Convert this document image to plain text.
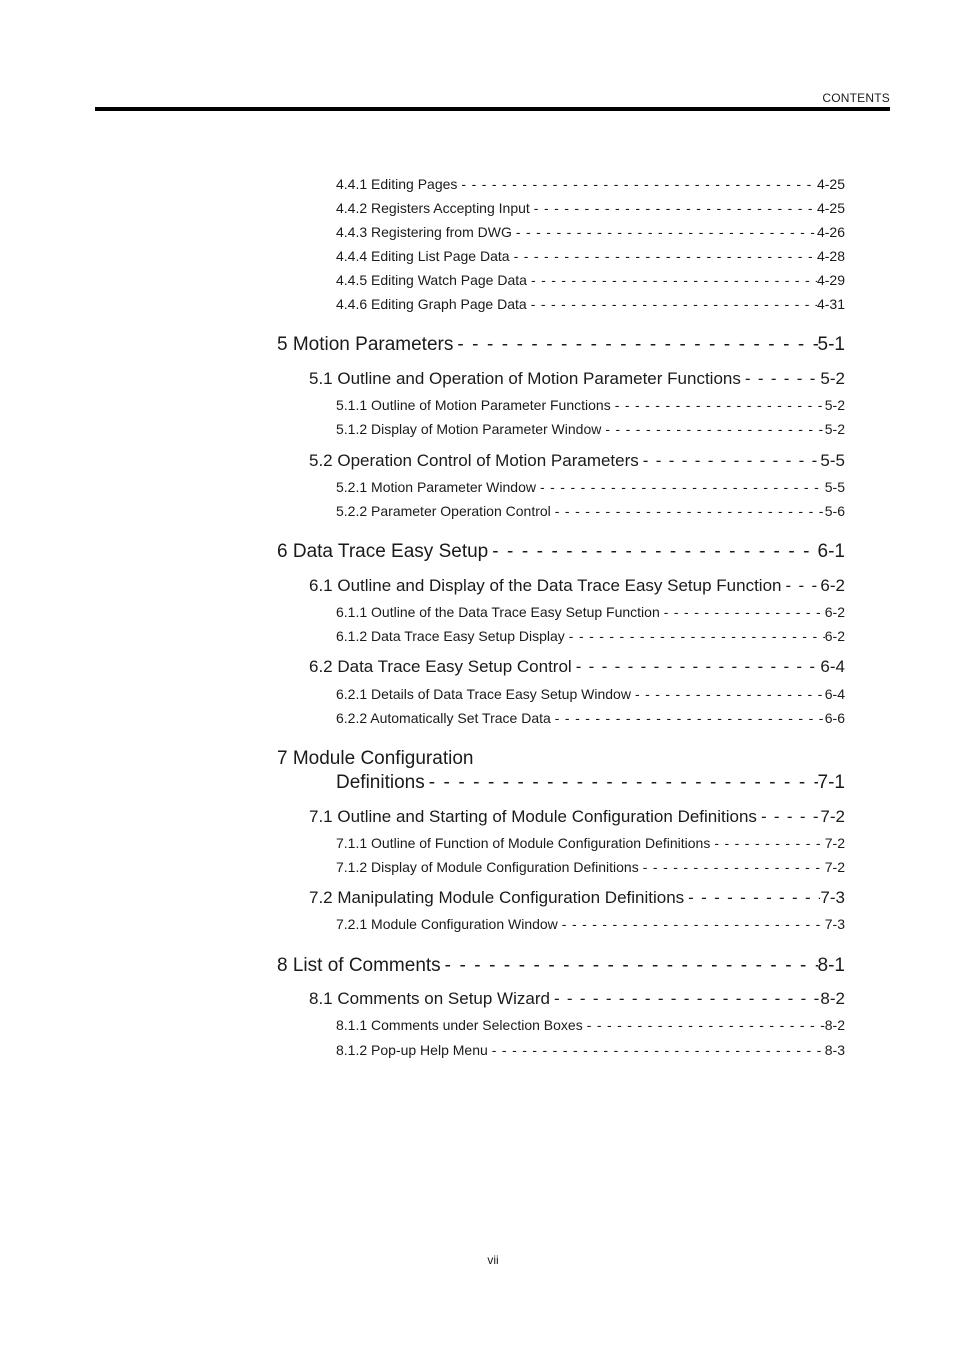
CONTENTS
4.4.1 Editing Pages - - -	4-25
4.4.2 Registers Accepting Input - - -	4-25
4.4.3 Registering from DWG - - -	4-26
4.4.4 Editing List Page Data - - -	4-28
4.4.5 Editing Watch Page Data - - -	4-29
4.4.6 Editing Graph Page Data - - -	4-31
5 Motion Parameters - - -	5-1
5.1 Outline and Operation of Motion Parameter Functions - - -	5-2
5.1.1 Outline of Motion Parameter Functions - - -	5-2
5.1.2 Display of Motion Parameter Window - - -	5-2
5.2 Operation Control of Motion Parameters - - -	5-5
5.2.1 Motion Parameter Window - - -	5-5
5.2.2 Parameter Operation Control - - -	5-6
6 Data Trace Easy Setup - - -	6-1
6.1 Outline and Display of the Data Trace Easy Setup Function - - - 6-2
6.1.1 Outline of the Data Trace Easy Setup Function - - -	6-2
6.1.2 Data Trace Easy Setup Display - - -	6-2
6.2 Data Trace Easy Setup Control - - -	6-4
6.2.1 Details of Data Trace Easy Setup Window - - -	6-4
6.2.2 Automatically Set Trace Data - - -	6-6
7 Module Configuration
Definitions - - -	7-1
7.1 Outline and Starting of Module Configuration Definitions - - -	7-2
7.1.1 Outline of Function of Module Configuration Definitions - - -	7-2
7.1.2 Display of Module Configuration Definitions - - -	7-2
7.2 Manipulating Module Configuration Definitions - - -	7-3
7.2.1 Module Configuration Window - - -	7-3
8 List of Comments - - -	8-1
8.1 Comments on Setup Wizard - - -	8-2
8.1.1 Comments under Selection Boxes - - -	8-2
8.1.2 Pop-up Help Menu - - -	8-3
vii
